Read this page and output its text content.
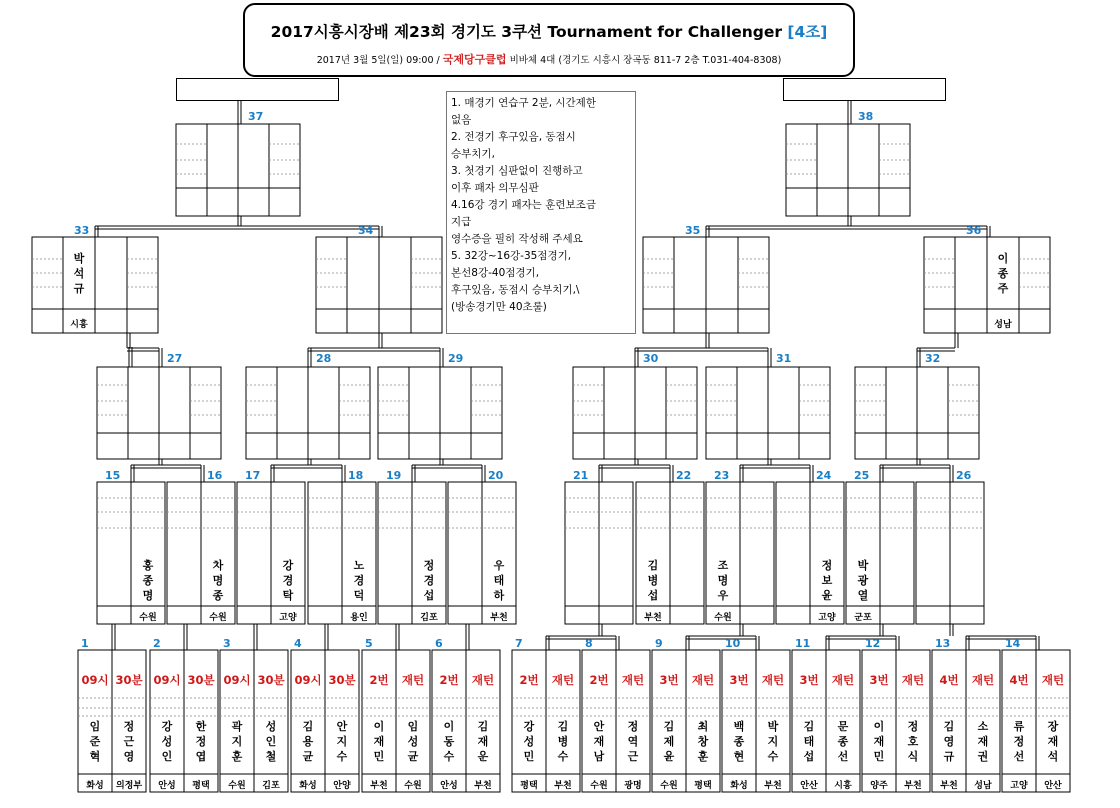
2017시흥시장배 제23회 경기도 3쿠션 Tournament for Challenger [4조]
2017년 3월 5일(일) 09:00 / 국제당구클럽 비바체 4대 (경기도 시흥시 장곡동 811-7 2층 T.031-404-8308)
1. 매경기 연습구 2분, 시간제한
없음
2. 전경기 후구있음, 동점시
승부치기,
3. 첫경기 심판없이 진행하고
이후 패자 의무심판
4.16강 경기 패자는 훈련보조금
지급
영수증을 필히 작성해 주세요
5. 32강~16강-35점경기,
본선8강-40점경기,
후구있음, 동점시 승부치기,\
(방송경기만 40초룰)
1
09시 30분
임
준
혁
정
근
영
화성	의정부
2
09시 30분
강
성
인
한
정
엽
안성	평택
3
09시 30분
곽
지
훈
성
인
철
수원	김포
4
09시 30분
김
용
균
안
지
수
화성	안양
5
2번	재턴
이
재
민
임
성
균
부천	수원
6
2번	재턴
이
동
수
김
재
운
안성	부천
7
2번	재턴
강
성
민
김
병
수
평택	부천
8
2번	재턴
안
재
남
정
역
근
수원	광명
9
3번	재턴
김
제
윤
최
창
훈
수원	평택
10
3번	재턴
백
종
현
박
지
수
화성	부천
11
3번	재턴
김
태
섭
문
종
선
안산	시흥
12
3번	재턴
이
재
민
정
호
식
양주	부천
13
4번	재턴
김
영
규
소
재
권
부천	성남
14
4번	재턴
류
정
선
장
재
석
고양	안산
15	16 17	18 19	20	21	22 23	24 25	26
홍
종
명
수원
차
명
종
수원
강
경
탁
고양
노
경
덕
용인
정
경
섭
김포
우
태
하
부천
김
병
섭
부천
조
명
우
수원
정
보
윤
고양
박
광
열
군포
27	28	29	30	31	32
33	34	35	36
박
석
규
시흥
이
종
주
성남
37	38
